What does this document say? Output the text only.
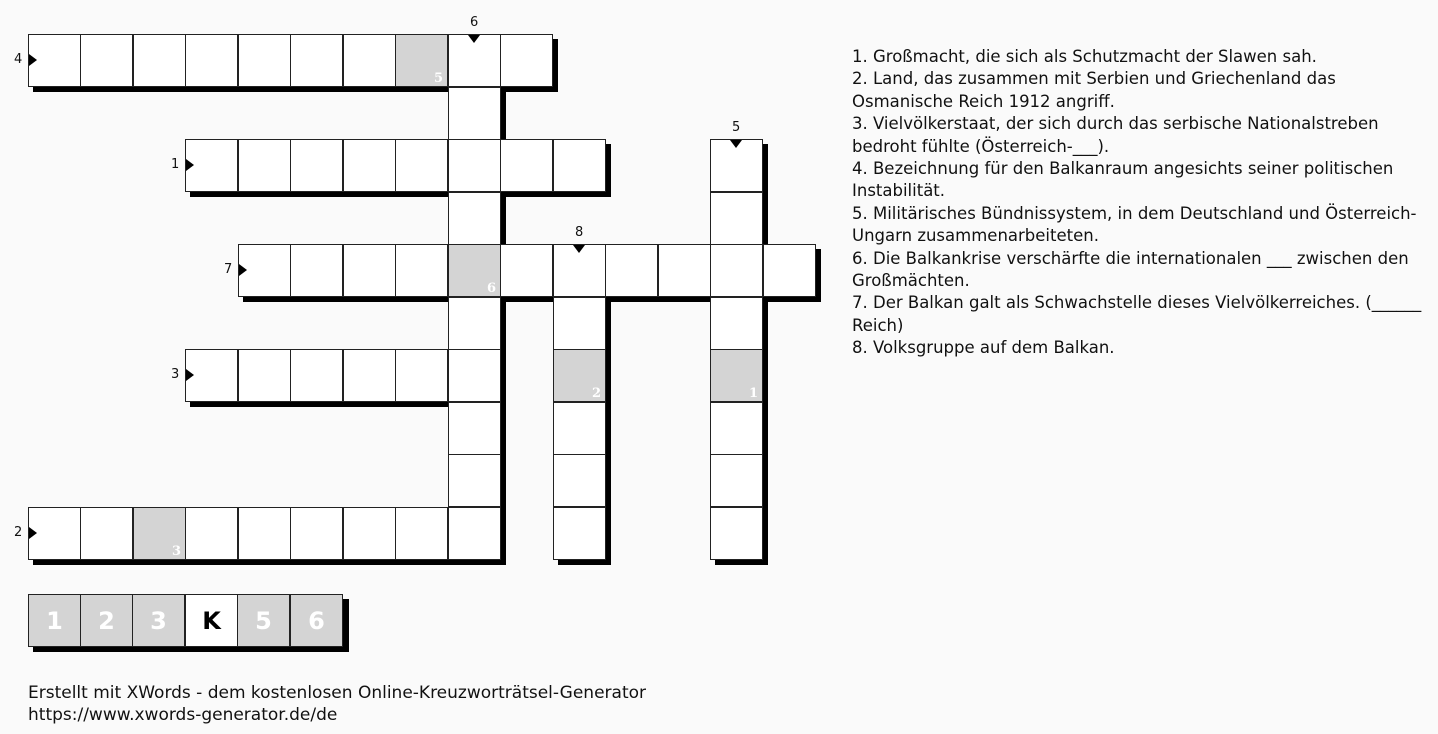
3
5
1
6
2
1
2
3
4
5
6
7
8
1. Großmacht, die sich als Schutzmacht der Slawen sah.
2. Land, das zusammen mit Serbien und Griechenland das Osmanische Reich 1912 angriff.
3. Vielvölkerstaat, der sich durch das serbische Nationalstreben bedroht fühlte (Österreich-___).
4. Bezeichnung für den Balkanraum angesichts seiner politischen Instabilität.
5. Militärisches Bündnissystem, in dem Deutschland und Österreich-Ungarn zusammenarbeiteten.
6. Die Balkankrise verschärfte die internationalen ___ zwischen den Großmächten.
7. Der Balkan galt als Schwachstelle dieses Vielvölkerreiches. (______ Reich)
8. Volksgruppe auf dem Balkan.
1	2	3	K	5	6
Erstellt mit XWords - dem kostenlosen Online-Kreuzworträtsel-Generator
https://www.xwords-generator.de/de
